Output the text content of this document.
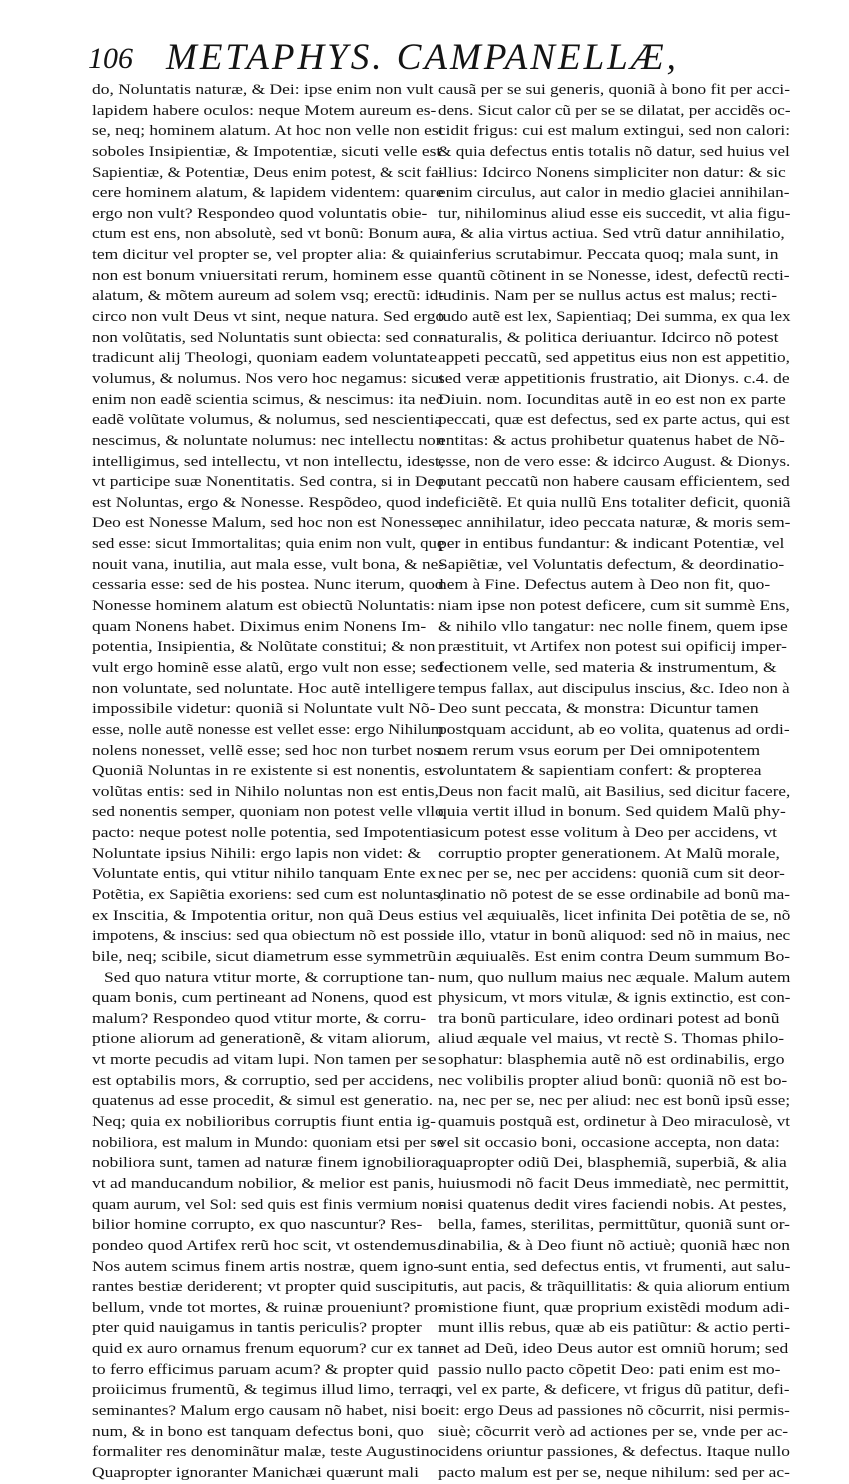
106 METAPHYS. CAMPANELLÆ,
do, Noluntatis naturæ, & Dei: ipse enim non vult
lapidem habere oculos: neque Motem aureum es-
se, neq; hominem alatum. At hoc non velle non est
soboles Insipientiæ, & Impotentiæ, sicuti velle est
Sapientiæ, & Potentiæ, Deus enim potest, & scit fa-
cere hominem alatum, & lapidem videntem: quare
ergo non vult? Respondeo quod voluntatis obie-
ctum est ens, non absolutè, sed vt bonũ: Bonum au-
tem dicitur vel propter se, vel propter alia: & quia
non est bonum vniuersitati rerum, hominem esse
alatum, & mõtem aureum ad solem vsq; erectũ: id-
circo non vult Deus vt sint, neque natura. Sed ergo
non volũtatis, sed Noluntatis sunt obiecta: sed con-
tradicunt alij Theologi, quoniam eadem voluntate
volumus, & nolumus. Nos vero hoc negamus: sicut
enim non eadẽ scientia scimus, & nescimus: ita nec
eadẽ volũtate volumus, & nolumus, sed nescientia
nescimus, & noluntate nolumus: nec intellectu non
intelligimus, sed intellectu, vt non intellectu, idest,
vt participe suæ Nonentitatis. Sed contra, si in Deo
est Noluntas, ergo & Nonesse. Respõdeo, quod in
Deo est Nonesse Malum, sed hoc non est Nonesse,
sed esse: sicut Immortalitas; quia enim non vult, quę
nouit vana, inutilia, aut mala esse, vult bona, & ne-
cessaria esse: sed de his postea. Nunc iterum, quod
Nonesse hominem alatum est obiectũ Noluntatis:
quam Nonens habet. Diximus enim Nonens Im-
potentia, Insipientia, & Nolũtate constitui; & non
vult ergo hominẽ esse alatũ, ergo vult non esse; sed
non voluntate, sed noluntate. Hoc autẽ intelligere
impossibile videtur: quoniã si Noluntate vult Nõ-
esse, nolle autẽ nonesse est vellet esse: ergo Nihilum
nolens nonesset, vellẽ esse; sed hoc non turbet nos.
Quoniã Noluntas in re existente si est nonentis, est
volũtas entis: sed in Nihilo noluntas non est entis,
sed nonentis semper, quoniam non potest velle vllo
pacto: neque potest nolle potentia, sed Impotentia.
Noluntate ipsius Nihili: ergo lapis non videt: &
Voluntate entis, qui vtitur nihilo tanquam Ente ex
Potẽtia, ex Sapiẽtia exoriens: sed cum est noluntas,
ex Inscitia, & Impotentia oritur, non quã Deus est
impotens, & inscius: sed qua obiectum nõ est possi-
bile, neq; scibile, sicut diametrum esse symmetrũ.
Sed quo natura vtitur morte, & corruptione tan-
quam bonis, cum pertineant ad Nonens, quod est
malum? Respondeo quod vtitur morte, & corru-
ptione aliorum ad generationẽ, & vitam aliorum,
vt morte pecudis ad vitam lupi. Non tamen per se
est optabilis mors, & corruptio, sed per accidens,
quatenus ad esse procedit, & simul est generatio.
Neq; quia ex nobilioribus corruptis fiunt entia ig-
nobiliora, est malum in Mundo: quoniam etsi per se
nobiliora sunt, tamen ad naturæ finem ignobiliora,
vt ad manducandum nobilior, & melior est panis,
quam aurum, vel Sol: sed quis est finis vermium no-
bilior homine corrupto, ex quo nascuntur? Res-
pondeo quod Artifex rerũ hoc scit, vt ostendemus.
Nos autem scimus finem artis nostræ, quem igno-
rantes bestiæ deriderent; vt propter quid suscipitur
bellum, vnde tot mortes, & ruinæ proueniunt? pro-
pter quid nauigamus in tantis periculis? propter
quid ex auro ornamus frenum equorum? cur ex tan-
to ferro efficimus paruam acum? & propter quid
proiicimus frumentũ, & tegimus illud limo, terraq;
seminantes? Malum ergo causam nõ habet, nisi bo-
num, & in bono est tanquam defectus boni, quo
formaliter res denominãtur malæ, teste Augustino.
Quapropter ignoranter Manichæi quærunt mali
causã per se sui generis, quoniã à bono fit per acci-
dens. Sicut calor cũ per se se dilatat, per accidẽs oc-
cidit frigus: cui est malum extingui, sed non calori:
& quia defectus entis totalis nõ datur, sed huius vel
illius: Idcirco Nonens simpliciter non datur: & sic
enim circulus, aut calor in medio glaciei annihilan-
tur, nihilominus aliud esse eis succedit, vt alia figu-
ra, & alia virtus actiua. Sed vtrũ datur annihilatio,
inferius scrutabimur. Peccata quoq; mala sunt, in
quantũ cõtinent in se Nonesse, idest, defectũ recti-
tudinis. Nam per se nullus actus est malus; recti-
tudo autẽ est lex, Sapientiaq; Dei summa, ex qua lex
naturalis, & politica deriuantur. Idcirco nõ potest
appeti peccatũ, sed appetitus eius non est appetitio,
sed veræ appetitionis frustratio, ait Dionys. c.4. de
Diuin. nom. Iocunditas autẽ in eo est non ex parte
peccati, quæ est defectus, sed ex parte actus, qui est
entitas: & actus prohibetur quatenus habet de Nõ-
esse, non de vero esse: & idcirco August. & Dionys.
putant peccatũ non habere causam efficientem, sed
deficiẽtẽ. Et quia nullũ Ens totaliter deficit, quoniã
nec annihilatur, ideo peccata naturæ, & moris sem-
per in entibus fundantur: & indicant Potentiæ, vel
Sapiẽtiæ, vel Voluntatis defectum, & deordinatio-
nem à Fine. Defectus autem à Deo non fit, quo-
niam ipse non potest deficere, cum sit summè Ens,
& nihilo vllo tangatur: nec nolle finem, quem ipse
præstituit, vt Artifex non potest sui opificij imper-
fectionem velle, sed materia & instrumentum, &
tempus fallax, aut discipulus inscius, &c. Ideo non à
Deo sunt peccata, & monstra: Dicuntur tamen
postquam accidunt, ab eo volita, quatenus ad ordi-
nem rerum vsus eorum per Dei omnipotentem
voluntatem & sapientiam confert: & propterea
Deus non facit malũ, ait Basilius, sed dicitur facere,
quia vertit illud in bonum. Sed quidem Malũ phy-
sicum potest esse volitum à Deo per accidens, vt
corruptio propter generationem. At Malũ morale,
nec per se, nec per accidens: quoniã cum sit deor-
dinatio nõ potest de se esse ordinabile ad bonũ ma-
ius vel æquiualẽs, licet infinita Dei potẽtia de se, nõ
de illo, vtatur in bonũ aliquod: sed nõ in maius, nec
in æquiualẽs. Est enim contra Deum summum Bo-
num, quo nullum maius nec æquale. Malum autem
physicum, vt mors vitulæ, & ignis extinctio, est con-
tra bonũ particulare, ideo ordinari potest ad bonũ
aliud æquale vel maius, vt rectè S. Thomas philo-
sophatur: blasphemia autẽ nõ est ordinabilis, ergo
nec volibilis propter aliud bonũ: quoniã nõ est bo-
na, nec per se, nec per aliud: nec est bonũ ipsũ esse;
quamuis postquã est, ordinetur à Deo miraculosè, vt
vel sit occasio boni, occasione accepta, non data:
quapropter odiũ Dei, blasphemiã, superbiã, & alia
huiusmodi nõ facit Deus immediatè, nec permittit,
nisi quatenus dedit vires faciendi nobis. At pestes,
bella, fames, sterilitas, permittũtur, quoniã sunt or-
dinabilia, & à Deo fiunt nõ actiuè; quoniã hæc non
sunt entia, sed defectus entis, vt frumenti, aut salu-
tis, aut pacis, & trãquillitatis: & quia aliorum entium
mistione fiunt, quæ proprium existẽdi modum adi-
munt illis rebus, quæ ab eis patiũtur: & actio perti-
net ad Deũ, ideo Deus autor est omniũ horum; sed
passio nullo pacto cõpetit Deo: pati enim est mo-
ri, vel ex parte, & deficere, vt frigus dũ patitur, defi-
cit: ergo Deus ad passiones nõ cõcurrit, nisi permis-
siuè; cõcurrit verò ad actiones per se, vnde per ac-
cidens oriuntur passiones, & defectus. Itaque nullo
pacto malum est per se, neque nihilum: sed per ac-
